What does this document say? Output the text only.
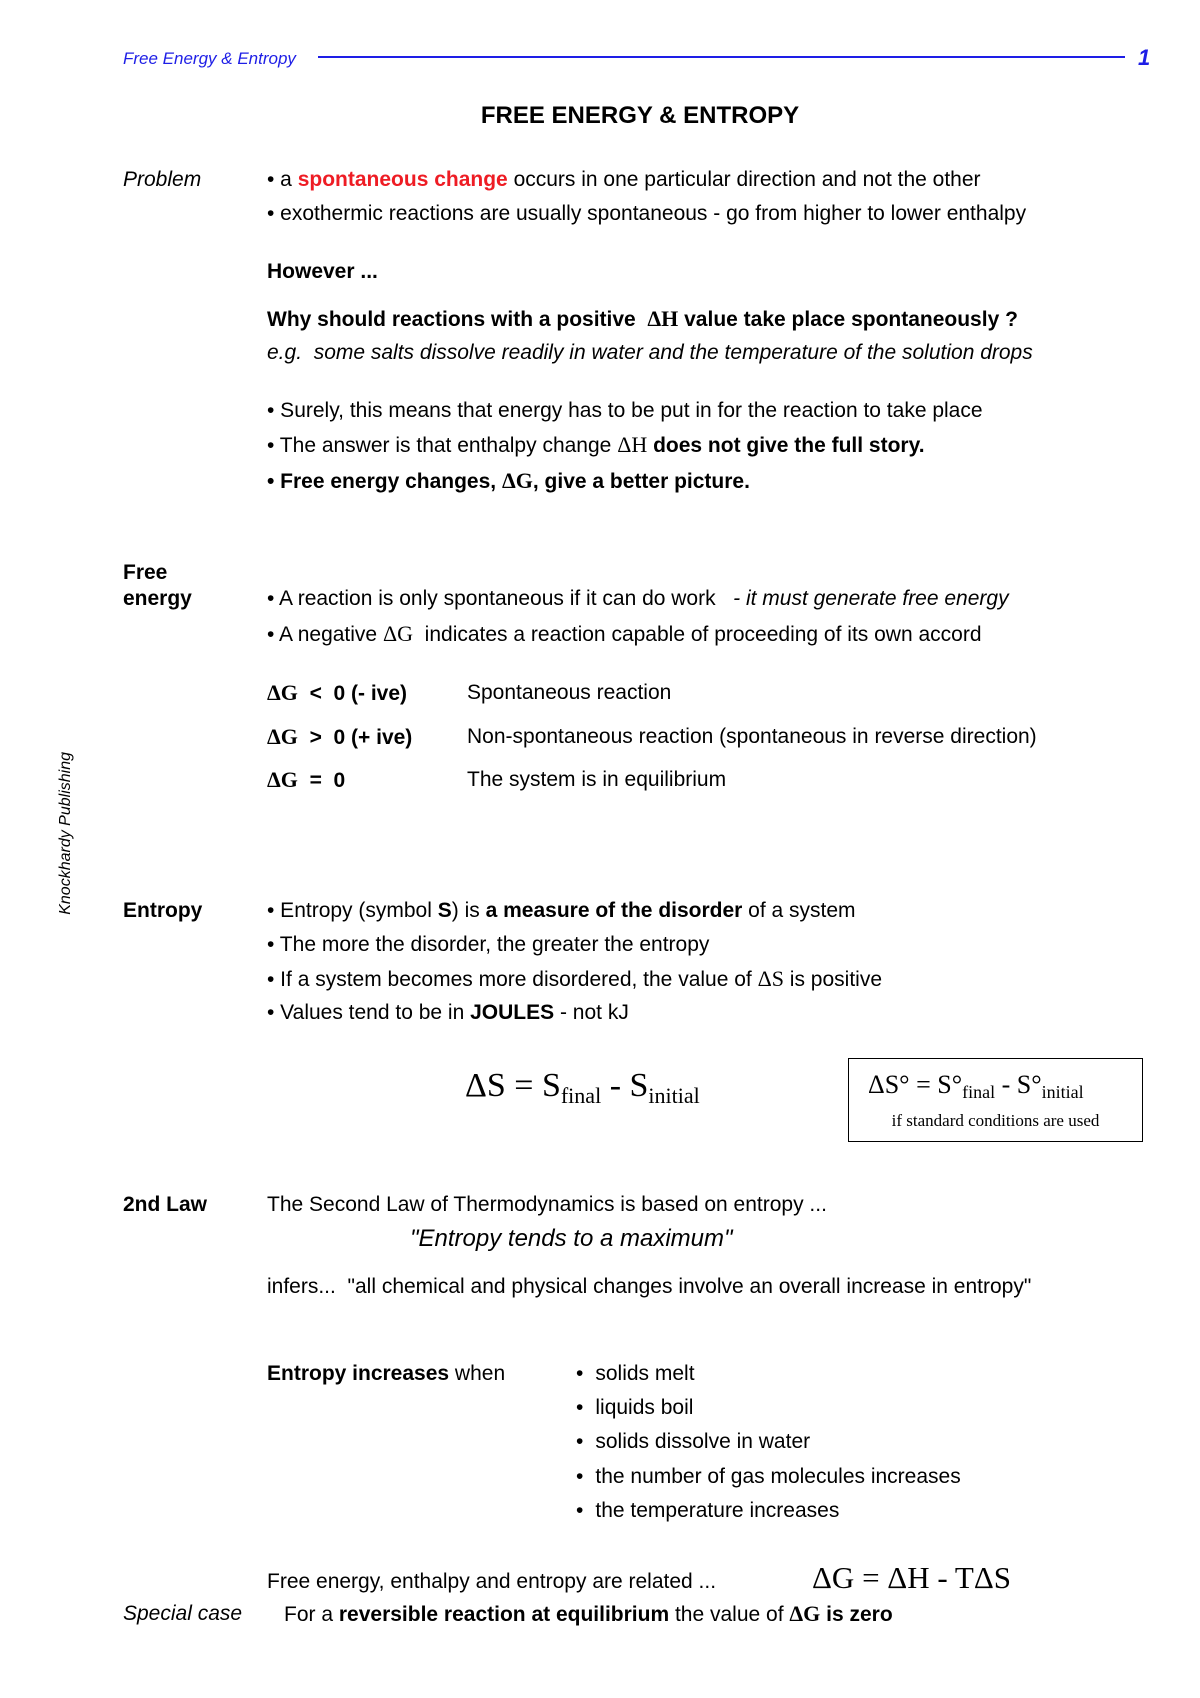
Free Energy & Entropy	1
Knockhardy Publishing
FREE ENERGY & ENTROPY
Problem	• a spontaneous change occurs in one particular direction and not the other
• exothermic reactions are usually spontaneous - go from higher to lower enthalpy
However ...
Why should reactions with a positive  ΔH value take place spontaneously ?
e.g.  some salts dissolve readily in water and the temperature of the solution drops
• Surely, this means that energy has to be put in for the reaction to take place
• The answer is that enthalpy change ΔH does not give the full story.
• Free energy changes, ΔG, give a better picture.
Free
energy	• A reaction is only spontaneous if it can do work   - it must generate free energy
• A negative ΔG  indicates a reaction capable of proceeding of its own accord
ΔG  <  0 (- ive)	Spontaneous reaction
ΔG  >  0 (+ ive)	Non-spontaneous reaction (spontaneous in reverse direction)
ΔG  =  0	The system is in equilibrium
Entropy	• Entropy (symbol S) is a measure of the disorder of a system
• The more the disorder, the greater the entropy
• If a system becomes more disordered, the value of ΔS is positive
• Values tend to be in JOULES - not kJ
$\Delta S = S_{final} - S_{initial}$	$\Delta S^\circ = S^\circ_{final} - S^\circ_{initial}$
if standard conditions are used
2nd Law	The Second Law of Thermodynamics is based on entropy ...
"Entropy tends to a maximum"
infers...  "all chemical and physical changes involve an overall increase in entropy"
Entropy increases when	• solids melt
• liquids boil
• solids dissolve in water
• the number of gas molecules increases
• the temperature increases
Free energy, enthalpy and entropy are related ...	ΔG = ΔH - TΔS
Special case For a reversible reaction at equilibrium the value of ΔG is zero
